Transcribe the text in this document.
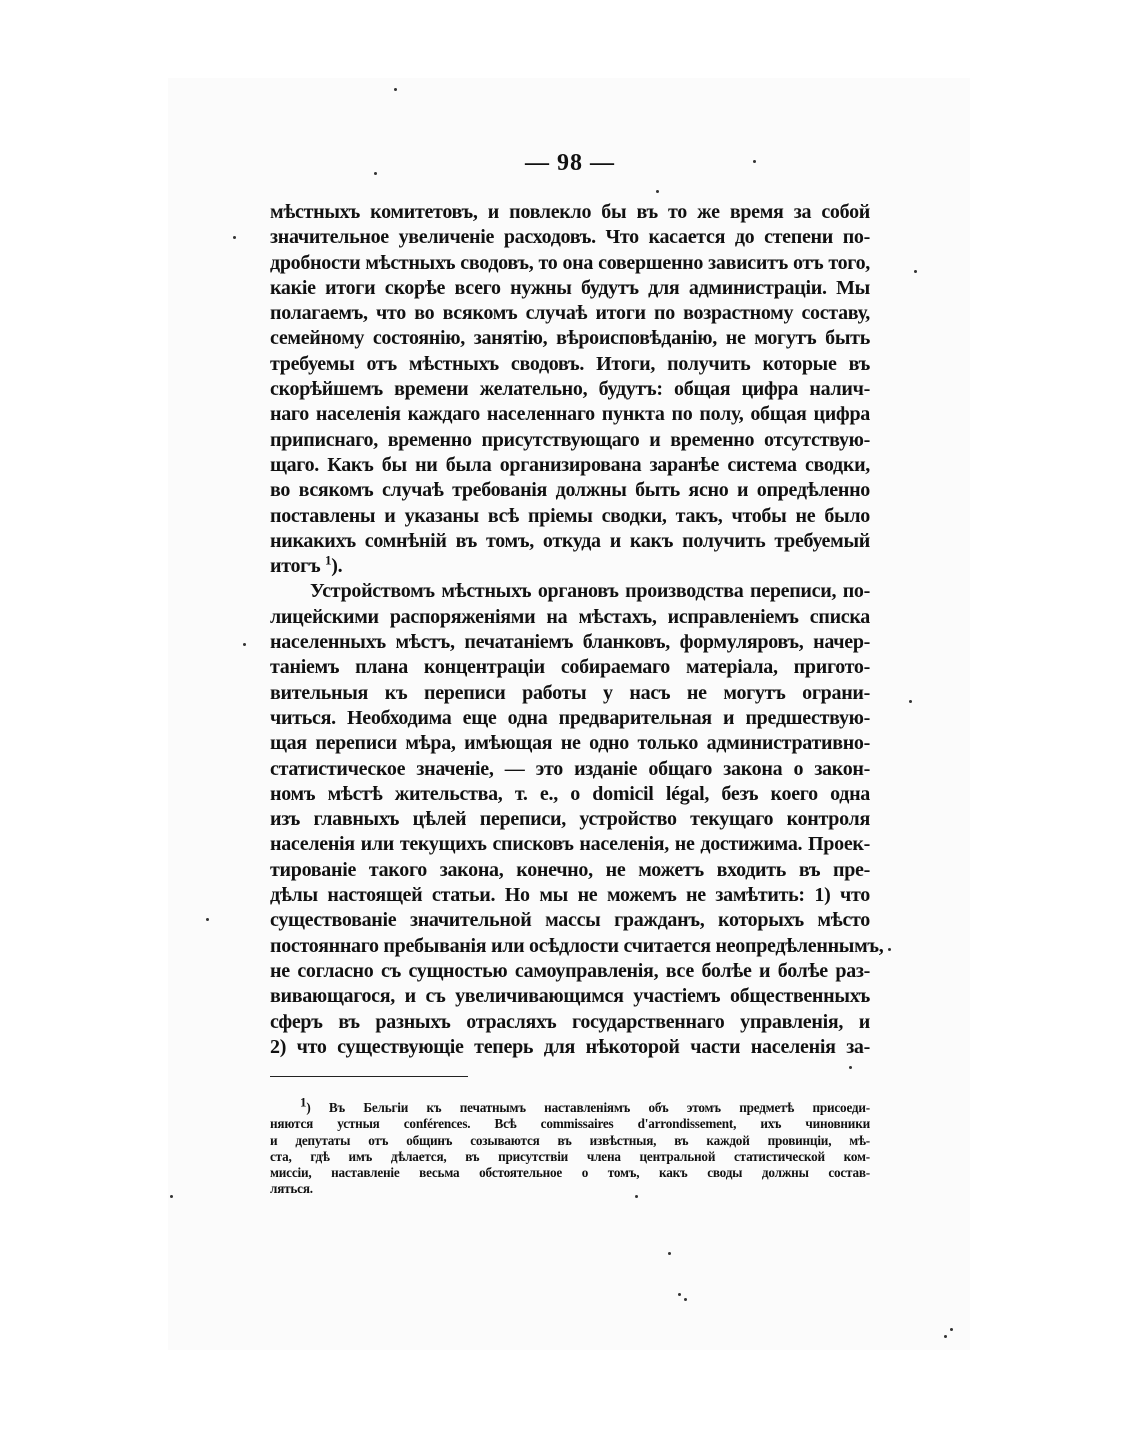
— 98 —
мѣстныхъ комитетовъ, и повлекло бы въ то же время за собой
значительное увеличеніе расходовъ. Что касается до степени по-
дробности мѣстныхъ сводовъ, то она совершенно зависитъ отъ того,
какіе итоги скорѣе всего нужны будутъ для администраціи. Мы
полагаемъ, что во всякомъ случаѣ итоги по возрастному составу,
семейному состоянію, занятію, вѣроисповѣданію, не могутъ быть
требуемы отъ мѣстныхъ сводовъ. Итоги, получить которые въ
скорѣйшемъ времени желательно, будутъ: общая цифра налич-
наго населенія каждаго населеннаго пункта по полу, общая цифра
приписнаго, временно присутствующаго и временно отсутствую-
щаго. Какъ бы ни была организирована заранѣе система сводки,
во всякомъ случаѣ требованія должны быть ясно и опредѣленно
поставлены и указаны всѣ пріемы сводки, такъ, чтобы не было
никакихъ сомнѣній въ томъ, откуда и какъ получить требуемый
итогъ $^1$).
Устройствомъ мѣстныхъ органовъ производства переписи, по-
лицейскими распоряженіями на мѣстахъ, исправленіемъ списка
населенныхъ мѣстъ, печатаніемъ бланковъ, формуляровъ, начер-
таніемъ плана концентраціи собираемаго матеріала, пригото-
вительныя къ переписи работы у насъ не могутъ ограни-
читься. Необходима еще одна предварительная и предшествую-
щая переписи мѣра, имѣющая не одно только административно-
статистическое значеніе, — это изданіе общаго закона о закон-
номъ мѣстѣ жительства, т. е., о domicil légal, безъ коего одна
изъ главныхъ цѣлей переписи, устройство текущаго контроля
населенія или текущихъ списковъ населенія, не достижима. Проек-
тированіе такого закона, конечно, не можетъ входить въ пре-
дѣлы настоящей статьи. Но мы не можемъ не замѣтить: 1) что
существованіе значительной массы гражданъ, которыхъ мѣсто
постояннаго пребыванія или осѣдлости считается неопредѣленнымъ,
не согласно съ сущностью самоуправленія, все болѣе и болѣе раз-
вивающагося, и съ увеличивающимся участіемъ общественныхъ
сферъ въ разныхъ отрасляхъ государственнаго управленія, и
2) что существующіе теперь для нѣкоторой части населенія за-
$^1$) Въ Бельгіи къ печатнымъ наставленіямъ объ этомъ предметѣ присоеди-
няются устныя conférences. Всѣ commissaires d'arrondissement, ихъ чиновники
и депутаты отъ общинъ созываются въ извѣстныя, въ каждой провинціи, мѣ-
ста, гдѣ имъ дѣлается, въ присутствіи члена центральной статистической ком-
миссіи, наставленіе весьма обстоятельное о томъ, какъ своды должны состав-
ляться.
